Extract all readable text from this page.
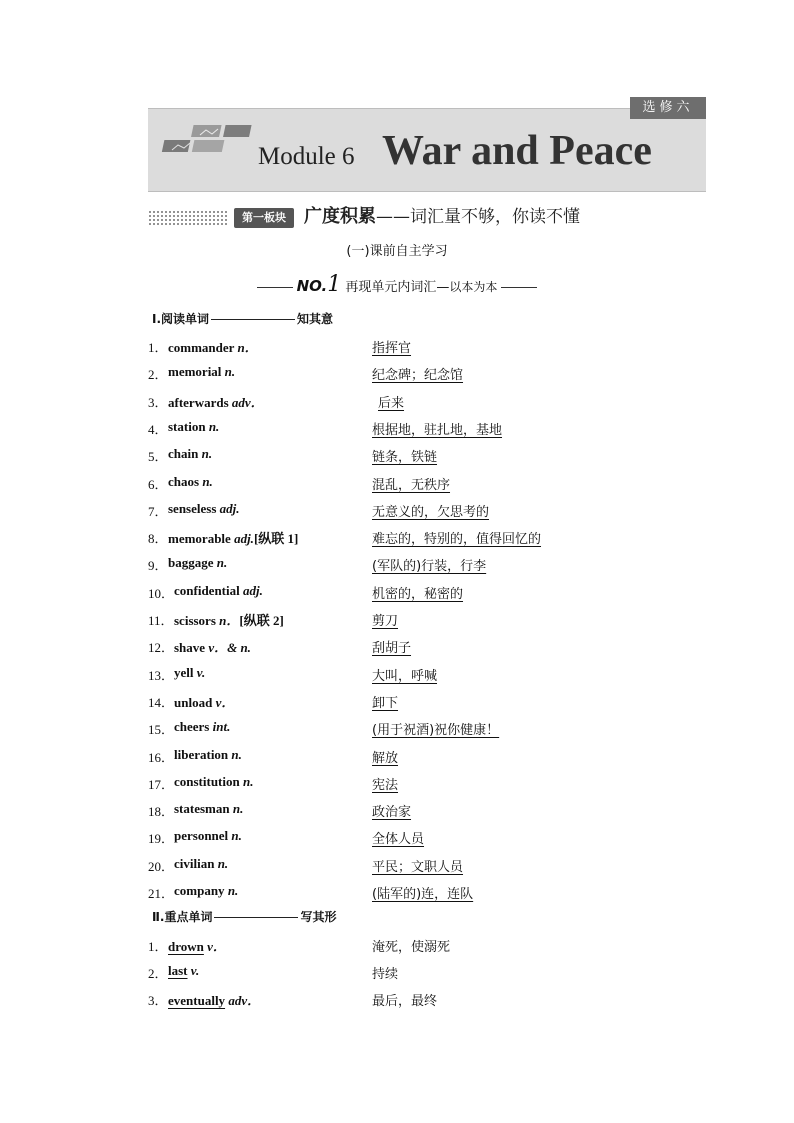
选修六
Module 6 War and Peace
第一板块	广度积累——词汇量不够，你读不懂
(一)课前自主学习
NO.1 再现单元内词汇—以本为本
Ⅰ.阅读单词	知其意
1． commander n．	指挥官
2． memorial n.	纪念碑；纪念馆
3． afterwards adv．	后来
4． station n.	根据地，驻扎地，基地
5． chain n.	链条，铁链
6． chaos n.	混乱，无秩序
7． senseless adj.	无意义的，欠思考的
8． memorable adj.[纵联 1]	难忘的，特别的，值得回忆的
9． baggage n.	(军队的)行装，行李
10． confidential adj.	机密的，秘密的
11． scissors n．[纵联 2]	剪刀
12． shave v．& n.	刮胡子
13． yell v.	大叫，呼喊
14． unload v．	卸下
15． cheers int.	(用于祝酒)祝你健康！
16． liberation n.	解放
17． constitution n.	宪法
18． statesman n.	政治家
19． personnel n.	全体人员
20． civilian n.	平民；文职人员
21． company n.	(陆军的)连，连队
Ⅱ.重点单词	写其形
1． drown v．	淹死，使溺死
2． last v.	持续
3． eventually adv．	最后，最终
